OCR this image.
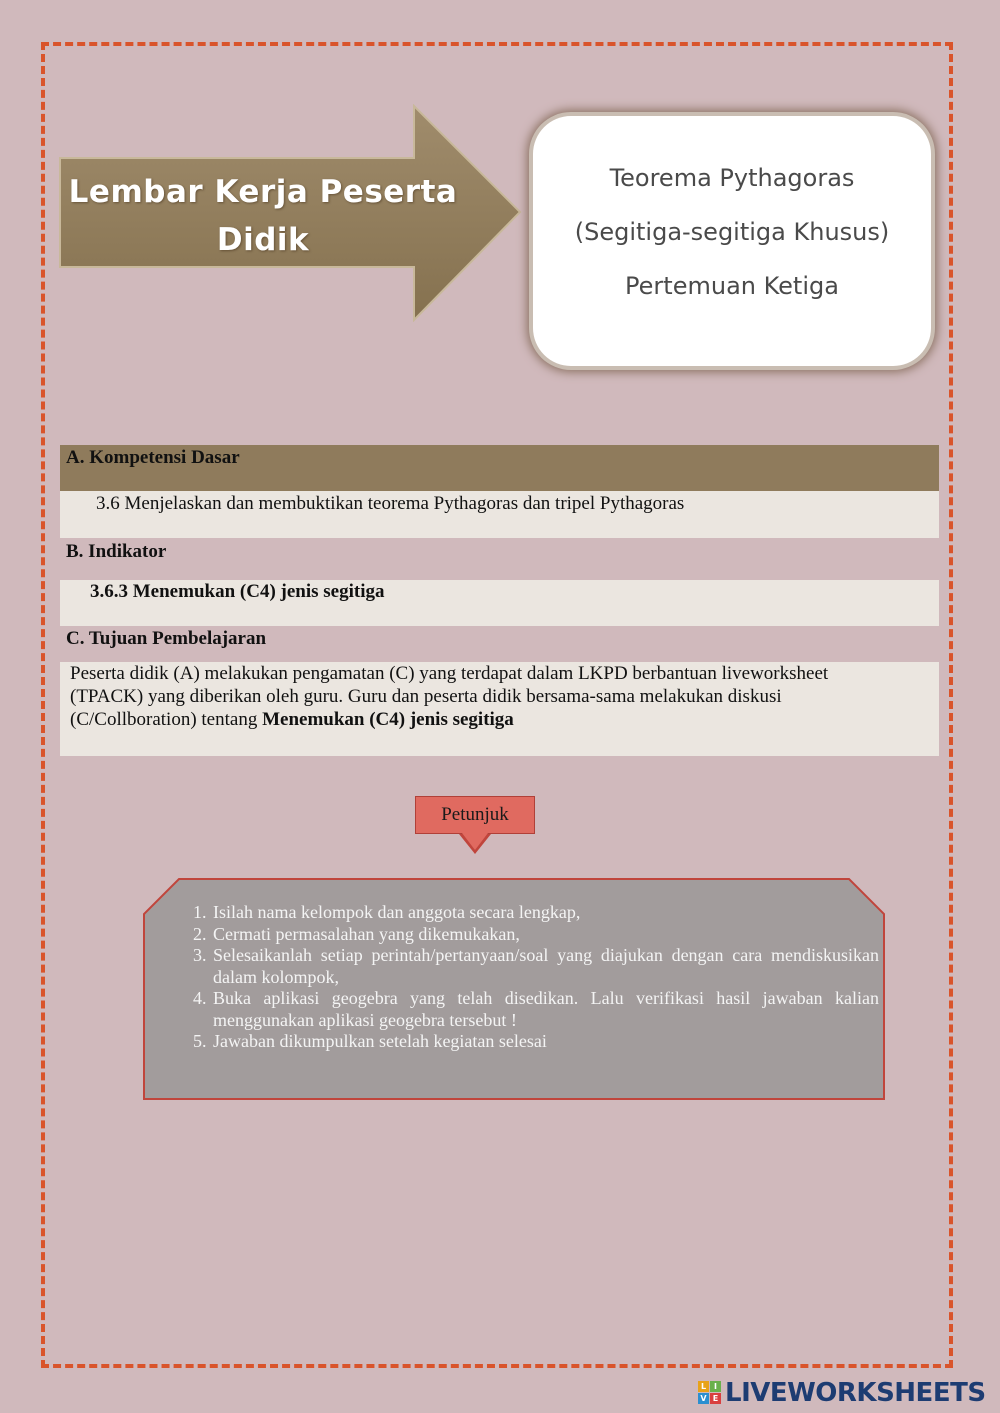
Lembar Kerja Peserta Didik
Teorema Pythagoras
(Segitiga-segitiga Khusus)
Pertemuan Ketiga
A. Kompetensi Dasar
3.6 Menjelaskan dan membuktikan teorema Pythagoras dan tripel Pythagoras
B. Indikator
3.6.3 Menemukan (C4) jenis segitiga
C. Tujuan Pembelajaran
Peserta didik (A) melakukan pengamatan (C) yang terdapat dalam LKPD berbantuan liveworksheet
(TPACK) yang diberikan oleh guru. Guru dan peserta didik bersama-sama melakukan diskusi
(C/Collboration) tentang Menemukan (C4) jenis segitiga
Petunjuk
1. Isilah nama kelompok dan anggota secara lengkap,
2. Cermati permasalahan yang dikemukakan,
3. Selesaikanlah setiap perintah/pertanyaan/soal yang diajukan dengan cara mendiskusikan dalam kolompok,
4. Buka aplikasi geogebra yang telah disedikan. Lalu verifikasi hasil jawaban kalian menggunakan aplikasi geogebra tersebut !
5. Jawaban dikumpulkan setelah kegiatan selesai
L I
V E LIVEWORKSHEETS
